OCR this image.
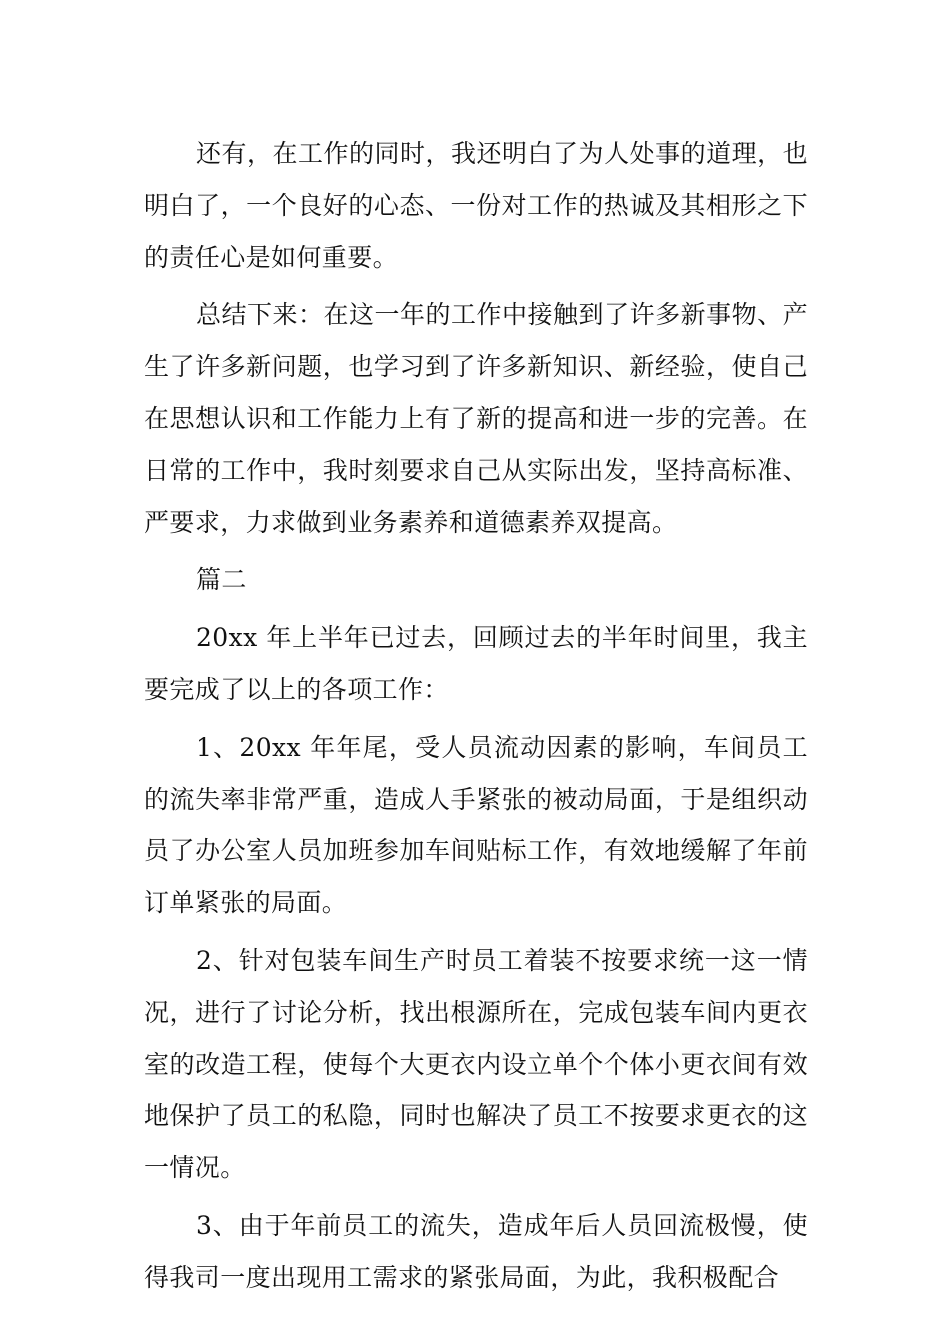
还有，在工作的同时，我还明白了为人处事的道理，也明白了，一个良好的心态、一份对工作的热诚及其相形之下的责任心是如何重要。

总结下来：在这一年的工作中接触到了许多新事物、产生了许多新问题，也学习到了许多新知识、新经验，使自己在思想认识和工作能力上有了新的提高和进一步的完善。在日常的工作中，我时刻要求自己从实际出发，坚持高标准、严要求，力求做到业务素养和道德素养双提高。

篇二

20xx 年上半年已过去，回顾过去的半年时间里，我主要完成了以上的各项工作：

1、20xx 年年尾，受人员流动因素的影响，车间员工的流失率非常严重，造成人手紧张的被动局面，于是组织动员了办公室人员加班参加车间贴标工作，有效地缓解了年前订单紧张的局面。

2、针对包装车间生产时员工着装不按要求统一这一情况，进行了讨论分析，找出根源所在，完成包装车间内更衣室的改造工程，使每个大更衣内设立单个个体小更衣间有效地保护了员工的私隐，同时也解决了员工不按要求更衣的这一情况。

3、由于年前员工的流失，造成年后人员回流极慢，使得我司一度出现用工需求的紧张局面，为此，我积极配合
